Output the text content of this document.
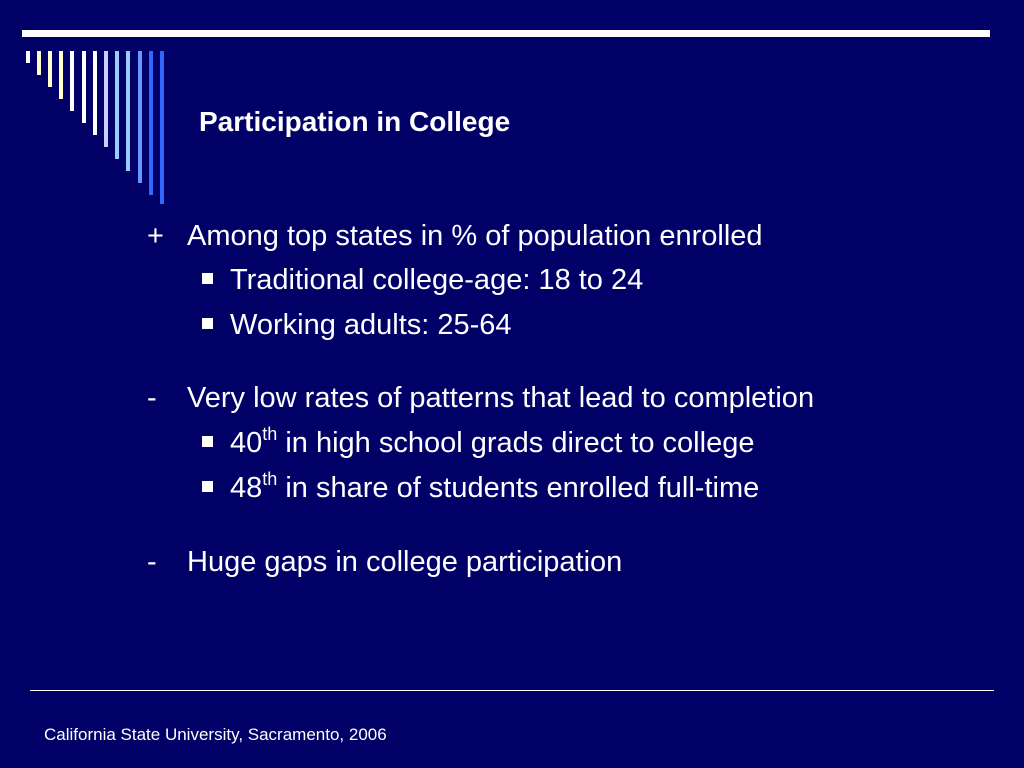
Participation in College
+ Among top states in % of population enrolled
Traditional college-age: 18 to 24
Working adults: 25-64
- Very low rates of patterns that lead to completion
40th in high school grads direct to college
48th in share of students enrolled full-time
- Huge gaps in college participation
California State University, Sacramento, 2006
